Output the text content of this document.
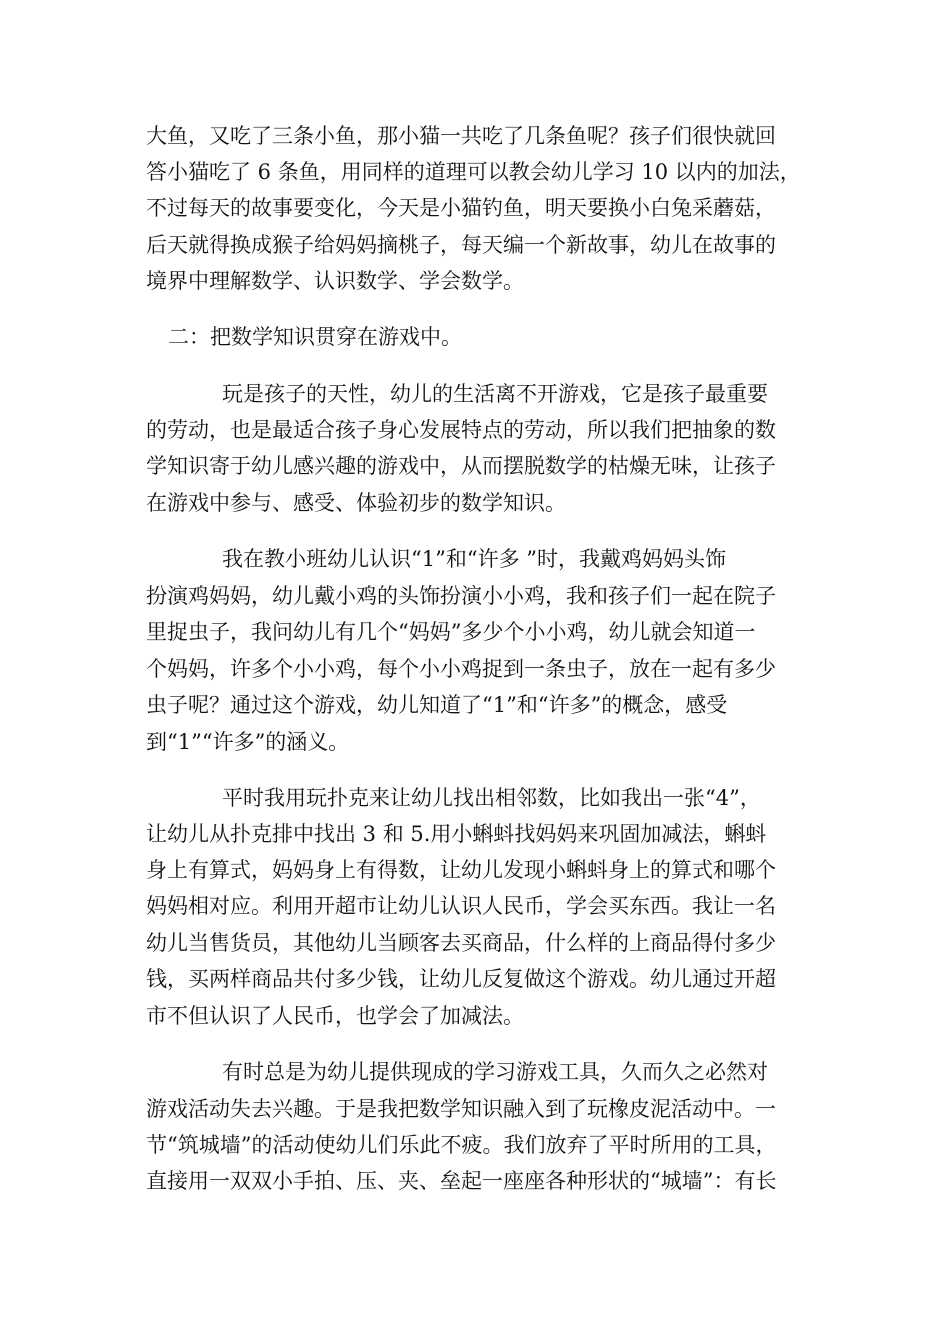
大鱼，又吃了三条小鱼，那小猫一共吃了几条鱼呢？孩子们很快就回
答小猫吃了 6 条鱼，用同样的道理可以教会幼儿学习 10 以内的加法，
不过每天的故事要变化，今天是小猫钓鱼，明天要换小白兔采蘑菇，
后天就得换成猴子给妈妈摘桃子，每天编一个新故事，幼儿在故事的
境界中理解数学、认识数学、学会数学。
二：把数学知识贯穿在游戏中。
玩是孩子的天性，幼儿的生活离不开游戏，它是孩子最重要
的劳动，也是最适合孩子身心发展特点的劳动，所以我们把抽象的数
学知识寄于幼儿感兴趣的游戏中，从而摆脱数学的枯燥无味，让孩子
在游戏中参与、感受、体验初步的数学知识。
我在教小班幼儿认识“1”和“许多 ”时，我戴鸡妈妈头饰
扮演鸡妈妈，幼儿戴小鸡的头饰扮演小小鸡，我和孩子们一起在院子
里捉虫子，我问幼儿有几个“妈妈”多少个小小鸡，幼儿就会知道一
个妈妈，许多个小小鸡，每个小小鸡捉到一条虫子，放在一起有多少
虫子呢？通过这个游戏，幼儿知道了“1”和“许多”的概念，感受
到“1”“许多”的涵义。
平时我用玩扑克来让幼儿找出相邻数，比如我出一张“4”，
让幼儿从扑克排中找出 3 和 5.用小蝌蚪找妈妈来巩固加减法，蝌蚪
身上有算式，妈妈身上有得数，让幼儿发现小蝌蚪身上的算式和哪个
妈妈相对应。利用开超市让幼儿认识人民币，学会买东西。我让一名
幼儿当售货员，其他幼儿当顾客去买商品，什么样的上商品得付多少
钱，买两样商品共付多少钱，让幼儿反复做这个游戏。幼儿通过开超
市不但认识了人民币，也学会了加减法。
有时总是为幼儿提供现成的学习游戏工具，久而久之必然对
游戏活动失去兴趣。于是我把数学知识融入到了玩橡皮泥活动中。一
节“筑城墙”的活动使幼儿们乐此不疲。我们放弃了平时所用的工具，
直接用一双双小手拍、压、夹、垒起一座座各种形状的“城墙”：有长
